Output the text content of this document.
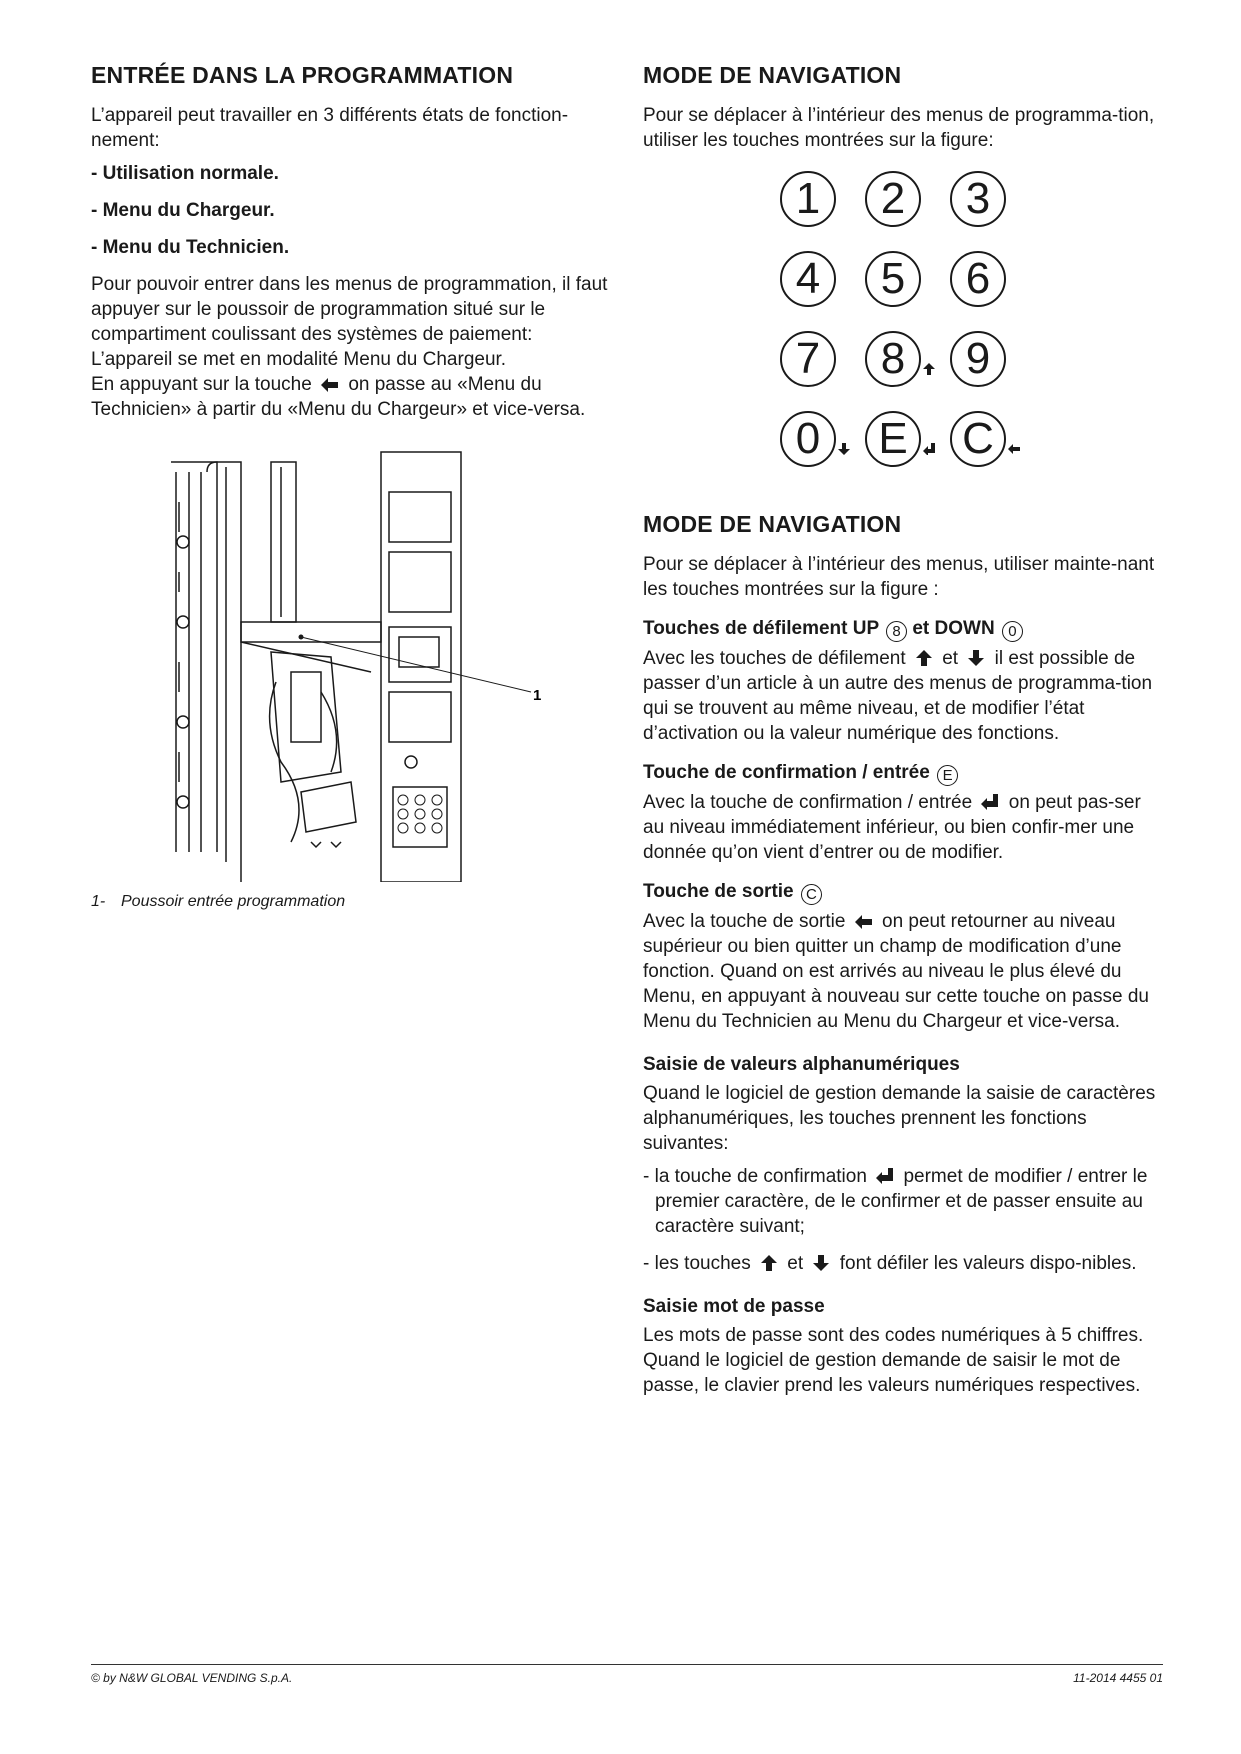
ENTRÉE DANS LA PROGRAMMATION

L’appareil peut travailler en 3 différents états de fonction-nement:

- Utilisation normale.
- Menu du Chargeur.
- Menu du Technicien.

Pour pouvoir entrer dans les menus de programmation, il faut appuyer sur le poussoir de programmation situé sur le compartiment coulissant des systèmes de paiement: L’appareil se met en modalité Menu du Chargeur.
En appuyant sur la touche on passe au «Menu du Technicien» à partir du «Menu du Chargeur» et vice-versa.

1
1- Poussoir entrée programmation
MODE DE NAVIGATION

Pour se déplacer à l’intérieur des menus de programma-tion, utiliser les touches montrées sur la figure:

1	2	3
4	5	6
7	8	9
0	E	C
MODE DE NAVIGATION

Pour se déplacer à l’intérieur des menus, utiliser mainte-nant les touches montrées sur la figure :

Touches de défilement UP 8 et DOWN 0

Avec les touches de défilement et il est possible de passer d’un article à un autre des menus de programma-tion qui se trouvent au même niveau, et de modifier l’état d’activation ou la valeur numérique des fonctions.

Touche de confirmation / entrée E

Avec la touche de confirmation / entrée on peut pas-ser au niveau immédiatement inférieur, ou bien confir-mer une donnée qu’on vient d’entrer ou de modifier.

Touche de sortie C

Avec la touche de sortie on peut retourner au niveau supérieur ou bien quitter un champ de modification d’une fonction. Quand on est arrivés au niveau le plus élevé du Menu, en appuyant à nouveau sur cette touche on passe du Menu du Technicien au Menu du Chargeur et vice-versa.

Saisie de valeurs alphanumériques

Quand le logiciel de gestion demande la saisie de caractères alphanumériques, les touches prennent les fonctions suivantes:

- la touche de confirmation permet de modifier / entrer le premier caractère, de le confirmer et de passer ensuite au caractère suivant;
- les touches et font défiler les valeurs dispo-nibles.
Saisie mot de passe

Les mots de passe sont des codes numériques à 5 chiffres. Quand le logiciel de gestion demande de saisir le mot de passe, le clavier prend les valeurs numériques respectives.

© by N&W GLOBAL VENDING S.p.A.	11-2014 4455 01
